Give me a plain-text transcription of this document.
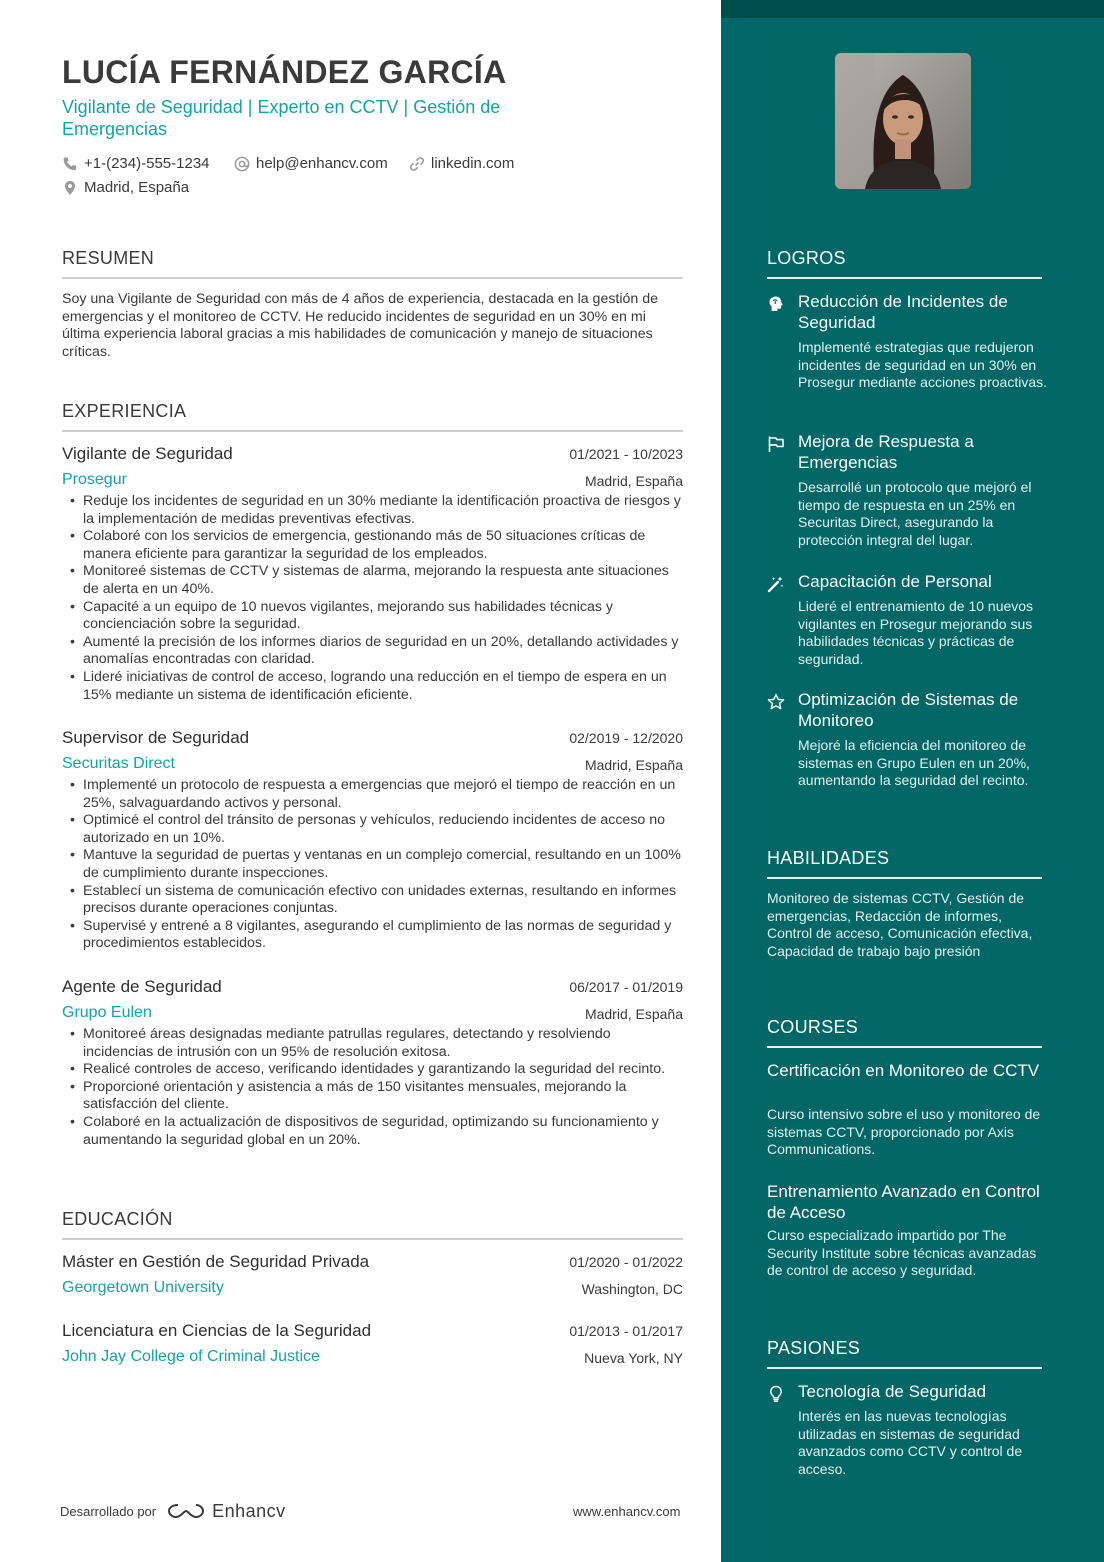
LUCÍA FERNÁNDEZ GARCÍA
Vigilante de Seguridad | Experto en CCTV | Gestión de Emergencias
+1-(234)-555-1234	help@enhancv.com	linkedin.com
Madrid, España
RESUMEN
Soy una Vigilante de Seguridad con más de 4 años de experiencia, destacada en la gestión de emergencias y el monitoreo de CCTV. He reducido incidentes de seguridad en un 30% en mi última experiencia laboral gracias a mis habilidades de comunicación y manejo de situaciones críticas.
EXPERIENCIA
Vigilante de Seguridad	01/2021 - 10/2023
Prosegur	Madrid, España
• Reduje los incidentes de seguridad en un 30% mediante la identificación proactiva de riesgos y la implementación de medidas preventivas efectivas.
• Colaboré con los servicios de emergencia, gestionando más de 50 situaciones críticas de manera eficiente para garantizar la seguridad de los empleados.
• Monitoreé sistemas de CCTV y sistemas de alarma, mejorando la respuesta ante situaciones de alerta en un 40%.
• Capacité a un equipo de 10 nuevos vigilantes, mejorando sus habilidades técnicas y concienciación sobre la seguridad.
• Aumenté la precisión de los informes diarios de seguridad en un 20%, detallando actividades y anomalías encontradas con claridad.
• Lideré iniciativas de control de acceso, logrando una reducción en el tiempo de espera en un 15% mediante un sistema de identificación eficiente.
Supervisor de Seguridad	02/2019 - 12/2020
Securitas Direct	Madrid, España
• Implementé un protocolo de respuesta a emergencias que mejoró el tiempo de reacción en un 25%, salvaguardando activos y personal.
• Optimicé el control del tránsito de personas y vehículos, reduciendo incidentes de acceso no autorizado en un 10%.
• Mantuve la seguridad de puertas y ventanas en un complejo comercial, resultando en un 100% de cumplimiento durante inspecciones.
• Establecí un sistema de comunicación efectivo con unidades externas, resultando en informes precisos durante operaciones conjuntas.
• Supervisé y entrené a 8 vigilantes, asegurando el cumplimiento de las normas de seguridad y procedimientos establecidos.
Agente de Seguridad	06/2017 - 01/2019
Grupo Eulen	Madrid, España
• Monitoreé áreas designadas mediante patrullas regulares, detectando y resolviendo incidencias de intrusión con un 95% de resolución exitosa.
• Realicé controles de acceso, verificando identidades y garantizando la seguridad del recinto.
• Proporcioné orientación y asistencia a más de 150 visitantes mensuales, mejorando la satisfacción del cliente.
• Colaboré en la actualización de dispositivos de seguridad, optimizando su funcionamiento y aumentando la seguridad global en un 20%.
EDUCACIÓN
Máster en Gestión de Seguridad Privada	01/2020 - 01/2022
Georgetown University	Washington, DC
Licenciatura en Ciencias de la Seguridad	01/2013 - 01/2017
John Jay College of Criminal Justice	Nueva York, NY
Desarrollado por	Enhancv	www.enhancv.com
LOGROS
Reducción de Incidentes de Seguridad
Implementé estrategias que redujeron incidentes de seguridad en un 30% en Prosegur mediante acciones proactivas.
Mejora de Respuesta a Emergencias
Desarrollé un protocolo que mejoró el tiempo de respuesta en un 25% en Securitas Direct, asegurando la protección integral del lugar.
Capacitación de Personal
Lideré el entrenamiento de 10 nuevos vigilantes en Prosegur mejorando sus habilidades técnicas y prácticas de seguridad.
Optimización de Sistemas de Monitoreo
Mejoré la eficiencia del monitoreo de sistemas en Grupo Eulen en un 20%, aumentando la seguridad del recinto.
HABILIDADES
Monitoreo de sistemas CCTV, Gestión de emergencias, Redacción de informes, Control de acceso, Comunicación efectiva, Capacidad de trabajo bajo presión
COURSES
Certificación en Monitoreo de CCTV
Curso intensivo sobre el uso y monitoreo de sistemas CCTV, proporcionado por Axis Communications.
Entrenamiento Avanzado en Control de Acceso
Curso especializado impartido por The Security Institute sobre técnicas avanzadas de control de acceso y seguridad.
PASIONES
Tecnología de Seguridad
Interés en las nuevas tecnologías utilizadas en sistemas de seguridad avanzados como CCTV y control de acceso.
